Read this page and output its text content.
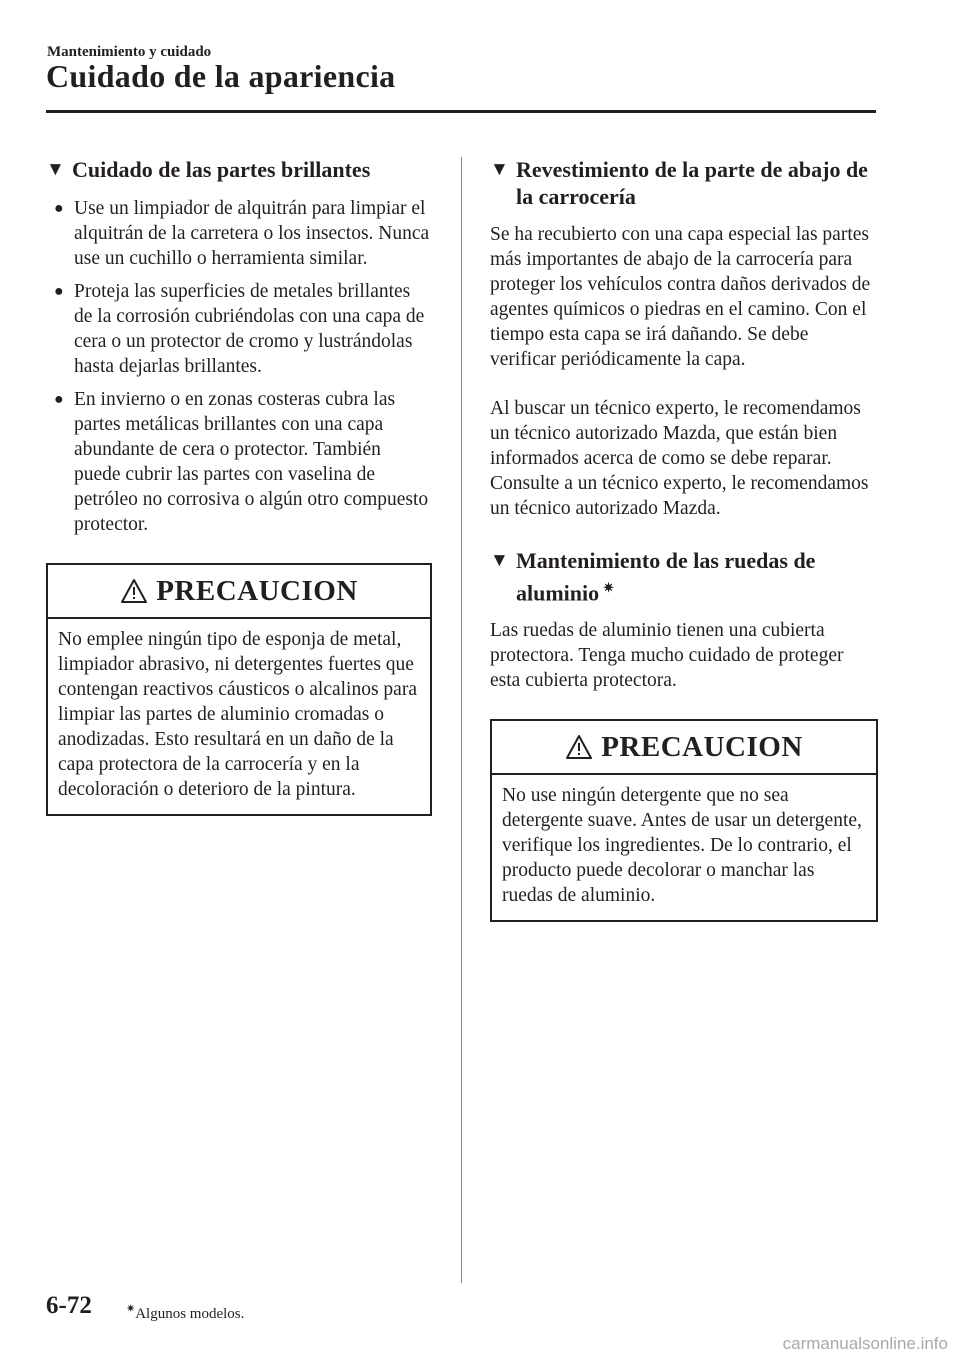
Mantenimiento y cuidado
Cuidado de la apariencia
▼ Cuidado de las partes brillantes
● Use un limpiador de alquitrán para limpiar el alquitrán de la carretera o los insectos. Nunca use un cuchillo o herramienta similar.
● Proteja las superficies de metales brillantes de la corrosión cubriéndolas con una capa de cera o un protector de cromo y lustrándolas hasta dejarlas brillantes.
● En invierno o en zonas costeras cubra las partes metálicas brillantes con una capa abundante de cera o protector. También puede cubrir las partes con vaselina de petróleo no corrosiva o algún otro compuesto protector.
PRECAUCION
No emplee ningún tipo de esponja de metal, limpiador abrasivo, ni detergentes fuertes que contengan reactivos cáusticos o alcalinos para limpiar las partes de aluminio cromadas o anodizadas. Esto resultará en un daño de la capa protectora de la carrocería y en la decoloración o deterioro de la pintura.
▼ Revestimiento de la parte de abajo de la carrocería

Se ha recubierto con una capa especial las partes más importantes de abajo de la carrocería para proteger los vehículos contra daños derivados de agentes químicos o piedras en el camino. Con el tiempo esta capa se irá dañando. Se debe verificar periódicamente la capa.

Al buscar un técnico experto, le recomendamos un técnico autorizado Mazda, que están bien informados acerca de como se debe reparar. Consulte a un técnico experto, le recomendamos un técnico autorizado Mazda.

▼ Mantenimiento de las ruedas de aluminio ✷

Las ruedas de aluminio tienen una cubierta protectora. Tenga mucho cuidado de proteger esta cubierta protectora.

PRECAUCION
No use ningún detergente que no sea detergente suave. Antes de usar un detergente, verifique los ingredientes. De lo contrario, el producto puede decolorar o manchar las ruedas de aluminio.
6-72	✷Algunos modelos.
carmanualsonline.info
